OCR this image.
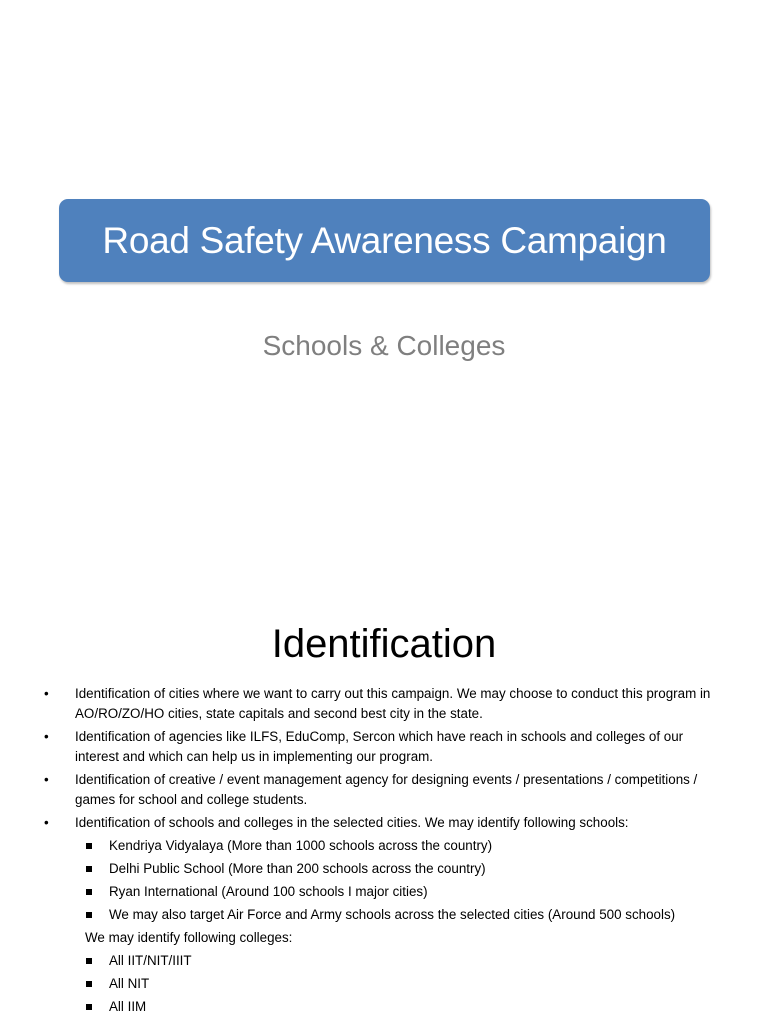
Road Safety Awareness Campaign
Schools & Colleges
Identification
• Identification of cities where we want to carry out this campaign. We may choose to conduct this program in AO/RO/ZO/HO cities, state capitals and second best city in the state.
• Identification of agencies like ILFS, EduComp, Sercon which have reach in schools and colleges of our interest and which can help us in implementing our program.
• Identification of creative / event management agency for designing events / presentations / competitions / games for school and college students.
• Identification of schools and colleges in the selected cities. We may identify following schools:
Kendriya Vidyalaya (More than 1000 schools across the country)
Delhi Public School (More than 200 schools across the country)
Ryan International (Around 100 schools I major cities)
We may also target Air Force and Army schools across the selected cities (Around 500 schools)
We may identify following colleges:
All IIT/NIT/IIIT
All NIT
All IIM
